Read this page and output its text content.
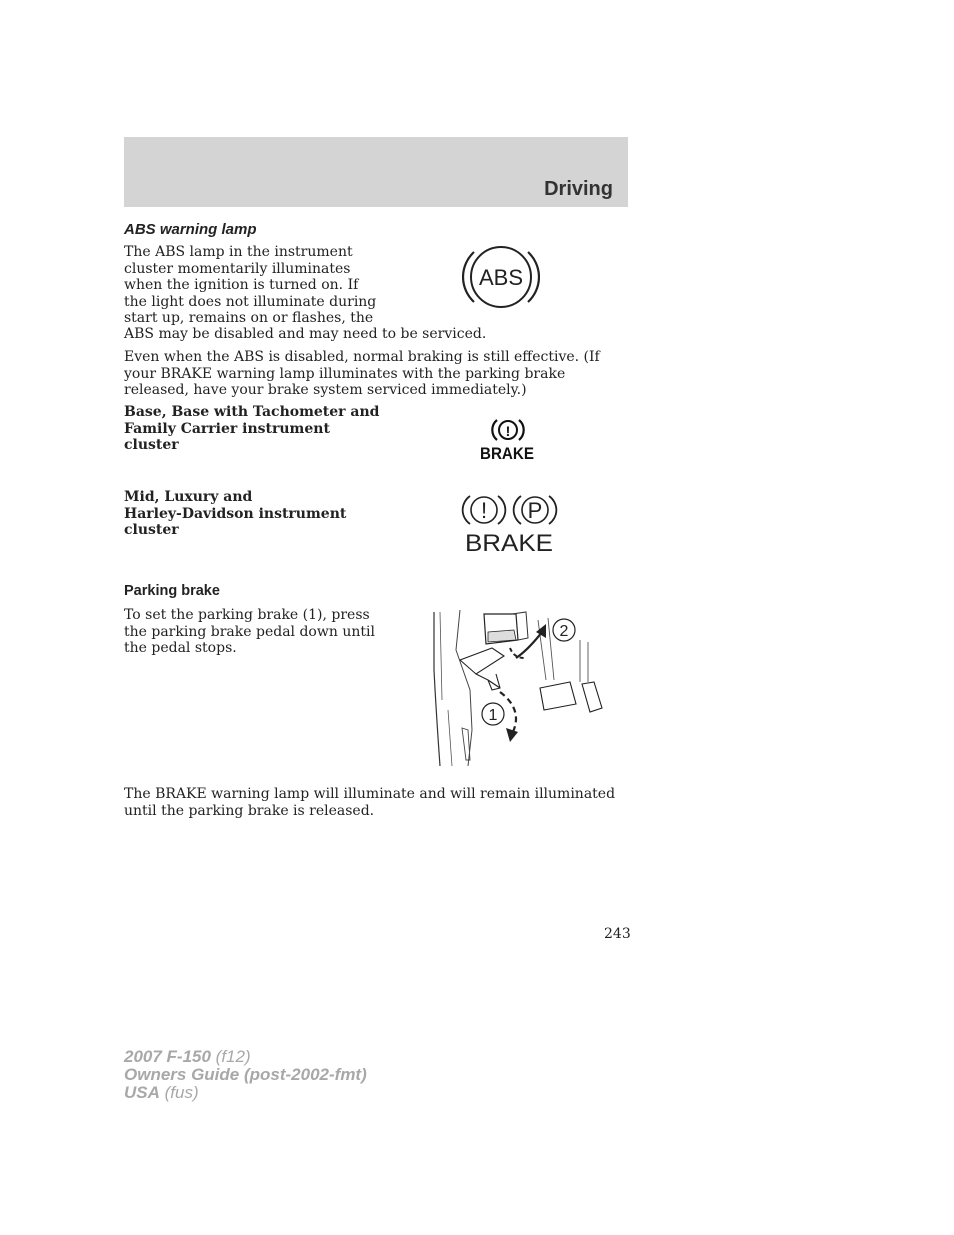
Driving
ABS warning lamp
The ABS lamp in the instrument
cluster momentarily illuminates
when the ignition is turned on. If
the light does not illuminate during
start up, remains on or flashes, the
ABS may be disabled and may need to be serviced.
ABS
Even when the ABS is disabled, normal braking is still effective. (If your BRAKE warning lamp illuminates with the parking brake released, have your brake system serviced immediately.)
Base, Base with Tachometer and
Family Carrier instrument
cluster
!
BRAKE
Mid, Luxury and
Harley-Davidson instrument
cluster
! P
BRAKE
Parking brake
To set the parking brake (1), press
the parking brake pedal down until
the pedal stops.
2
1
The BRAKE warning lamp will illuminate and will remain illuminated until the parking brake is released.
243
2007 F-150 (f12)
Owners Guide (post-2002-fmt)
USA (fus)
